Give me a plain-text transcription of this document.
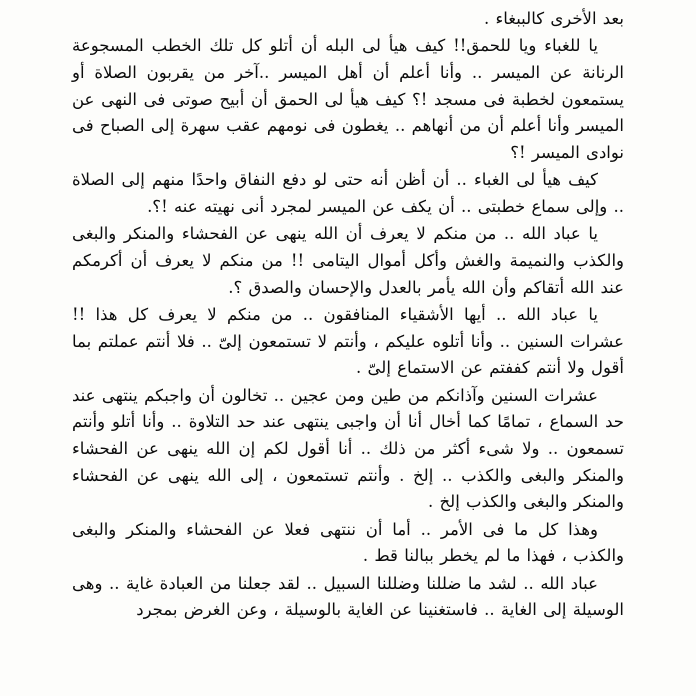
بعد الأخرى كالببغاء .

يا للغباء ويا للحمق!! كيف هيأ لى البله أن أتلو كل تلك الخطب المسجوعة الرنانة عن الميسر .. وأنا أعلم أن أهل الميسر ..آخر من يقربون الصلاة أو يستمعون لخطبة فى مسجد !؟ كيف هيأ لى الحمق أن أبيح صوتى فى النهى عن الميسر وأنا أعلم أن من أنهاهم .. يغطون فى نومهم عقب سهرة إلى الصباح فى نوادى الميسر !؟

كيف هيأ لى الغباء .. أن أظن أنه حتى لو دفع النفاق واحدًا منهم إلى الصلاة .. وإلى سماع خطبتى .. أن يكف عن الميسر لمجرد أنى نهيته عنه !؟.

يا عباد الله .. من منكم لا يعرف أن الله ينهى عن الفحشاء والمنكر والبغى والكذب والنميمة والغش وأكل أموال اليتامى !! من منكم لا يعرف أن أكرمكم عند الله أتقاكم وأن الله يأمر بالعدل والإحسان والصدق ؟.

يا عباد الله .. أيها الأشقياء المنافقون .. من منكم لا يعرف كل هذا !! عشرات السنين .. وأنا أتلوه عليكم ، وأنتم لا تستمعون إلىّ .. فلا أنتم عملتم بما أقول ولا أنتم كففتم عن الاستماع إلىّ .

عشرات السنين وآذانكم من طين ومن عجين .. تخالون أن واجبكم ينتهى عند حد السماع ، تمامًا كما أخال أنا أن واجبى ينتهى عند حد التلاوة .. وأنا أتلو وأنتم تسمعون .. ولا شىء أكثر من ذلك .. أنا أقول لكم إن الله ينهى عن الفحشاء والمنكر والبغى والكذب .. إلخ . وأنتم تستمعون ، إلى الله ينهى عن الفحشاء والمنكر والبغى والكذب إلخ .

وهذا كل ما فى الأمر .. أما أن ننتهى فعلا عن الفحشاء والمنكر والبغى والكذب ، فهذا ما لم يخطر ببالنا قط .

عباد الله .. لشد ما ضللنا وضللنا السبيل .. لقد جعلنا من العبادة غاية .. وهى الوسيلة إلى الغاية .. فاستغنينا عن الغاية بالوسيلة ، وعن الغرض بمجرد
